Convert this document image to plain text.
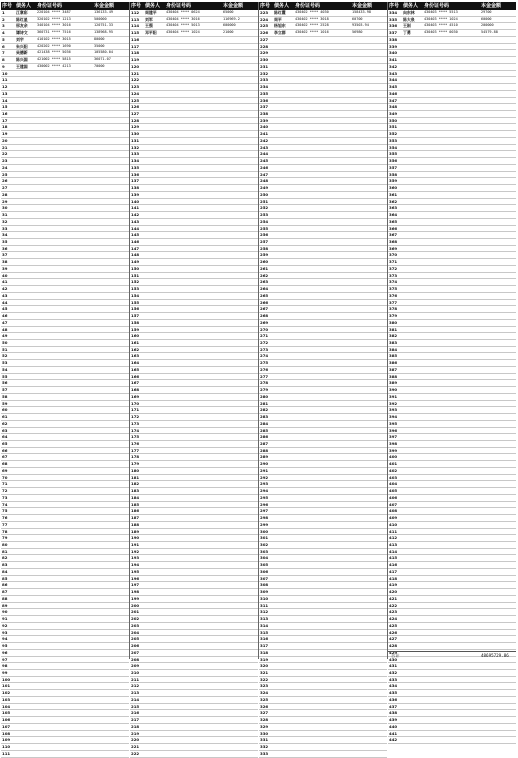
序号 债务人	身份证号码	本金金额
1	江章彩	220104 **** 3487	136133.49
2	陈红星	320102 **** 1213	500000
3	邢友余	340104 **** 3016	120751.33
4	谭诗文	360731 **** 7516	138968.95
5	刘宇	410102 **** 3015	80000
6	朱兴阳	420202 **** 1690	35000
7	吴德新	421438 **** 5036	105580.04
8	陈兴国	421002 **** 5815	36071.07
9	王建国	430002 **** 4213	70000
10
11
12
13
14
15
16
17
18
19
20
21
22
23
24
25
26
27
28
29
30
31
32
33
34
35
36
37
38
39
40
41
42
43
44
45
46
47
48
49
50
51
52
53
54
55
56
57
58
59
60
61
62
63
64
65
66
67
68
69
70
71
72
73
74
75
76
77
78
79
80
81
82
83
84
85
86
87
88
89
90
91
92
93
94
95
96
97
98
99
100
101
102
103
104
105
106
107
108
109
110
111
序号 债务人	身份证号码	本金金额
112	周建平	430404 **** 0624	65000
113	刘军	430404 **** 3016	116969.2
114	王强	430404 **** 5013	600000
115	邓平阳	430404 **** 1024	21000
116
117
118
119
120
121
122
123
124
125
126
127
128
129
130
131
132
133
134
135
136
137
138
139
140
141
142
143
144
145
146
147
148
149
150
151
152
153
154
155
156
157
158
159
160
161
162
163
164
165
166
167
168
169
170
171
172
173
174
175
176
177
178
179
180
181
182
183
184
185
186
187
188
189
190
191
192
193
194
195
196
197
198
199
200
201
202
203
204
205
206
207
208
209
210
211
212
213
214
215
216
217
218
219
220
221
222
序号 债务人	身份证号码	本金金额
223	陈红霞	430402 **** 4030	158433.98
224	周平	430402 **** 3018	60700
225	杨旭东	430402 **** 2528	93503.94
226	李立群	430402 **** 1016	56980
227
228
229
230
231
232
233
234
235
236
237
238
239
240
241
242
243
244
245
246
247
248
249
250
251
252
253
254
255
256
257
258
259
260
261
262
263
264
265
266
267
268
269
270
271
272
273
274
275
276
277
278
279
280
281
282
283
284
285
286
287
288
289
290
291
292
293
294
295
296
297
298
299
300
301
302
303
304
305
306
307
308
309
310
311
312
313
314
315
316
317
318
319
320
321
322
323
324
325
326
327
328
329
330
331
332
333
序号 债务人	身份证号码	本金金额
334	向东林	430403 **** 5513	29700
335	陈大泉	430403 **** 1024	60000
336	王刚	430403 **** 4510	200000
337	丁勇	430403 **** 0030	54579.88
338
339
340
341
342
343
344
345
346
347
348
349
350
351
352
353
354
355
356
357
358
359
360
361
362
363
364
365
366
367
368
369
370
371
372
373
374
375
376
377
378
379
380
381
382
383
384
385
386
387
388
389
390
391
392
393
394
395
396
397
398
399
400
401
402
403
404
405
406
407
408
409
410
411
412
413
414
415
416
417
418
419
420
421
422
423
424
425
426
427
428
429
430
431
432
433
434
435
436
437
438
439
440
441
442
合计	48695729.86
